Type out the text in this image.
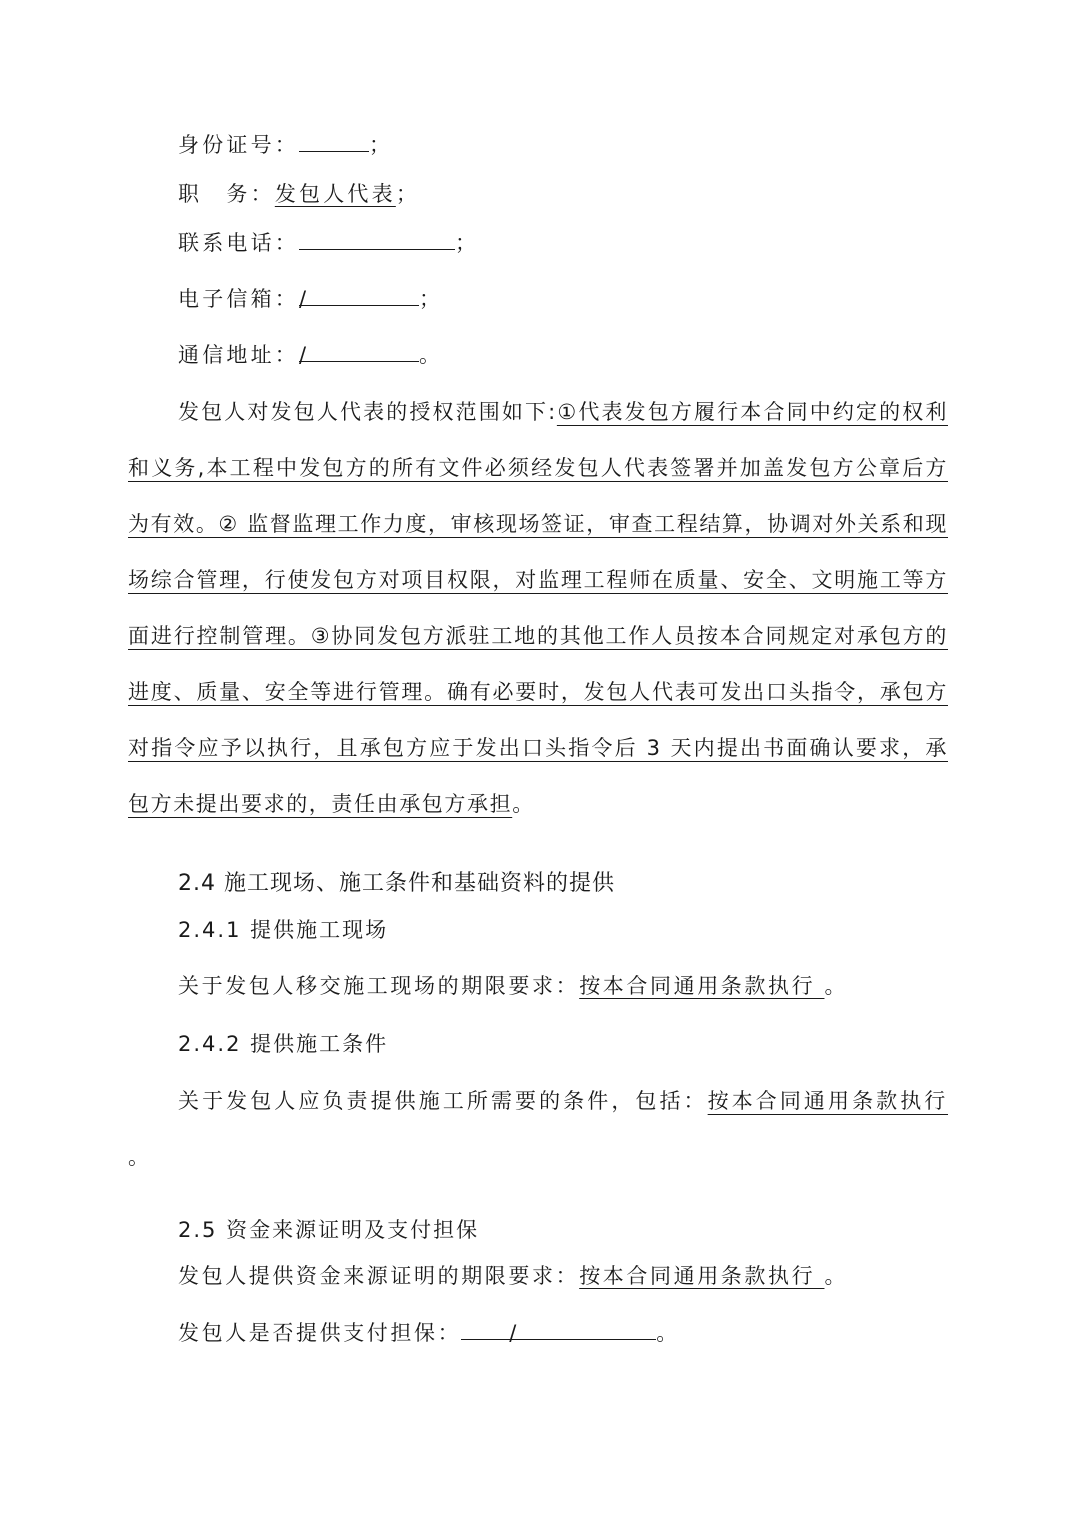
身份证号：	；
职　务：发包人代表；
联系电话：	；
电子信箱：/	；
通信地址：/	。
发包人对发包人代表的授权范围如下:①代表发包方履行本合同中约定的权利和义务,本工程中发包方的所有文件必须经发包人代表签署并加盖发包方公章后方为有效。② 监督监理工作力度，审核现场签证，审查工程结算，协调对外关系和现场综合管理，行使发包方对项目权限，对监理工程师在质量、安全、文明施工等方面进行控制管理。③协同发包方派驻工地的其他工作人员按本合同规定对承包方的进度、质量、安全等进行管理。确有必要时，发包人代表可发出口头指令，承包方对指令应予以执行，且承包方应于发出口头指令后 3 天内提出书面确认要求，承包方未提出要求的，责任由承包方承担。
2.4 施工现场、施工条件和基础资料的提供
2.4.1 提供施工现场
关于发包人移交施工现场的期限要求：按本合同通用条款执行 。
2.4.2 提供施工条件
关于发包人应负责提供施工所需要的条件，包括：按本合同通用条款执行 。
2.5 资金来源证明及支付担保
发包人提供资金来源证明的期限要求：按本合同通用条款执行 。
发包人是否提供支付担保： /	。
